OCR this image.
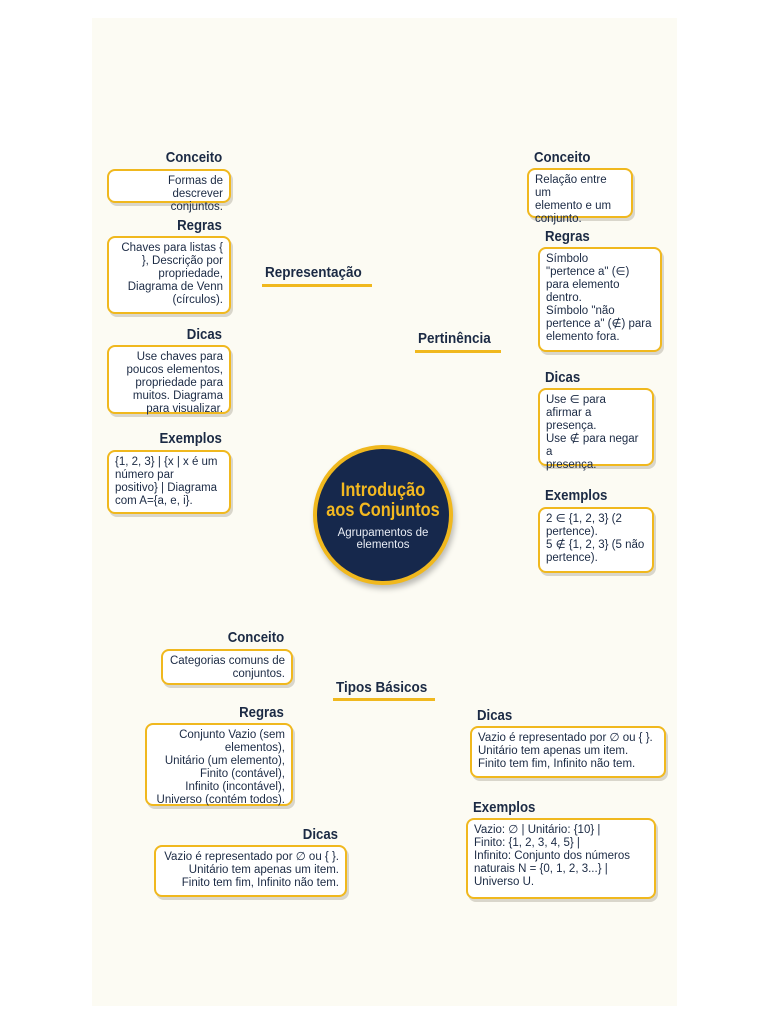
Introdução
aos Conjuntos
Agrupamentos de
elementos
Representação
Conceito
Formas de descrever
conjuntos.
Regras
Chaves para listas {
}, Descrição por
propriedade,
Diagrama de Venn
(círculos).
Dicas
Use chaves para
poucos elementos,
propriedade para
muitos. Diagrama
para visualizar.
Exemplos
{1, 2, 3} | {x | x é um
número par
positivo} | Diagrama
com A={a, e, i}.
Pertinência
Conceito
Relação entre um
elemento e um
conjunto.
Regras
Símbolo
"pertence a" (∈)
para elemento
dentro.
Símbolo "não
pertence a" (∉) para
elemento fora.
Dicas
Use ∈ para
afirmar a
presença.
Use ∉ para negar a
presença.
Exemplos
2 ∈ {1, 2, 3} (2
pertence).
5 ∉ {1, 2, 3} (5 não
pertence).
Tipos Básicos
Conceito
Categorias comuns de
conjuntos.
Regras
Conjunto Vazio (sem
elementos),
Unitário (um elemento),
Finito (contável),
Infinito (incontável),
Universo (contém todos).
Dicas
Vazio é representado por ∅ ou { }.
Unitário tem apenas um item.
Finito tem fim, Infinito não tem.
Dicas
Vazio é representado por ∅ ou { }.
Unitário tem apenas um item.
Finito tem fim, Infinito não tem.
Exemplos
Vazio: ∅ | Unitário: {10} |
Finito: {1, 2, 3, 4, 5} |
Infinito: Conjunto dos números
naturais N = {0, 1, 2, 3...} |
Universo U.
